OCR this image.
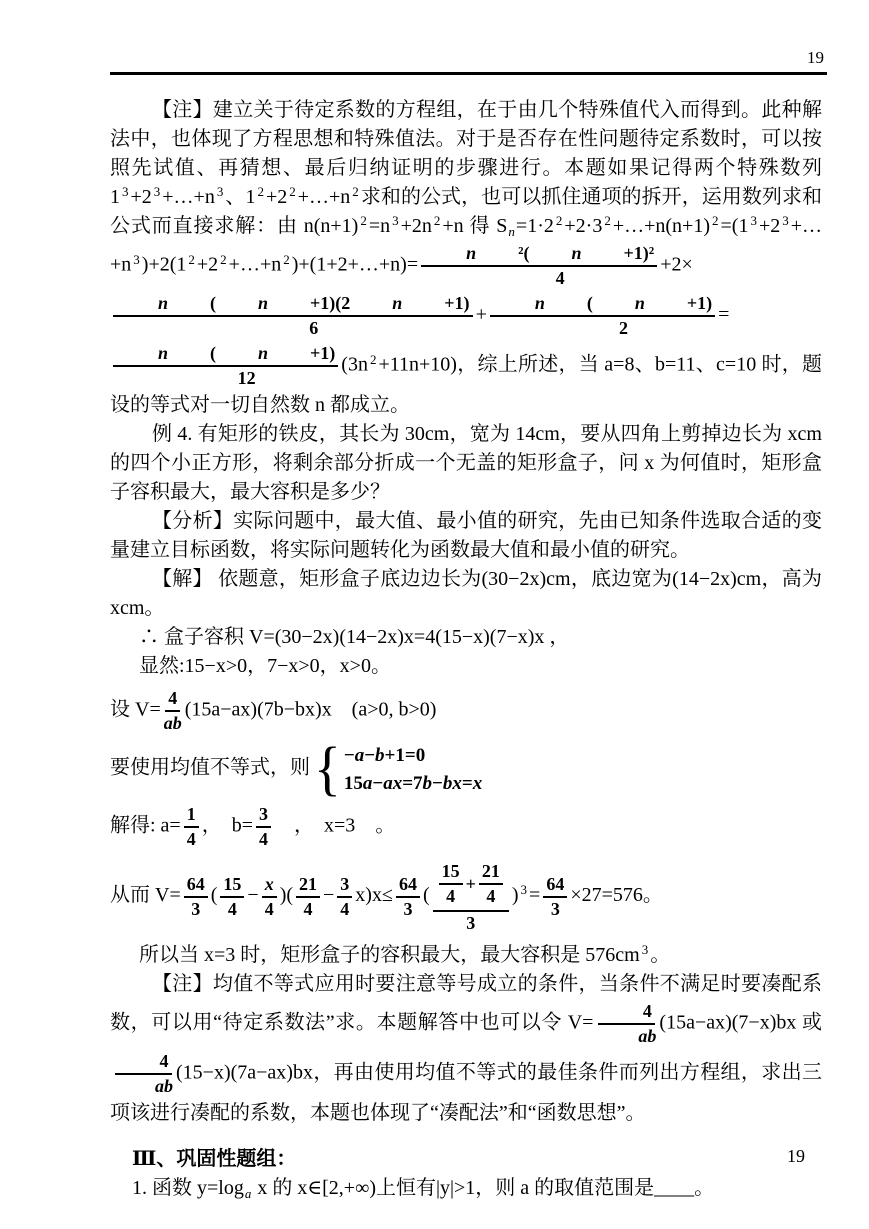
19

【注】建立关于待定系数的方程组，在于由几个特殊值代入而得到。此种解法中，也体现了方程思想和特殊值法。对于是否存在性问题待定系数时，可以按照先试值、再猜想、最后归纳证明的步骤进行。本题如果记得两个特殊数列1 $^3$ +2 $^3$ +…+n $^3$ 、1 $^2$ +2 $^2$ +…+n $^2$ 求和的公式，也可以抓住通项的拆开，运用数列求和公式而直接求解：由 n(n+1) $^2$ =n $^3$ +2n $^2$ +n 得 $S_n=1\cdot 2$ $^2$ +2·3 $^2$ +…+n(n+1) $^2$ =(1 $^3$ +2 $^3$ +…+n $^3$ )+2(1 $^2$ +2 $^2$ +…+n $^2$ )+(1+2+…+n)= n ²(	n +1)²
4 +2×
n (	n +1)(2	n +1)
6 + n (	n +1)
2 =
n (	n +1)
12 (3n $^2$ +11n+10)，综上所述，当 a=8、b=11、c=10 时，题设的等式对一切自然数 n 都成立。

例 4. 有矩形的铁皮，其长为 30cm，宽为 14cm，要从四角上剪掉边长为 xcm 的四个小正方形，将剩余部分折成一个无盖的矩形盒子，问 x 为何值时，矩形盒子容积最大，最大容积是多少？

【分析】实际问题中，最大值、最小值的研究，先由已知条件选取合适的变量建立目标函数，将实际问题转化为函数最大值和最小值的研究。

【解】 依题意，矩形盒子底边边长为(30−2x)cm，底边宽为(14−2x)cm，高为xcm。

∴ 盒子容积 V=(30−2x)(14−2x)x=4(15−x)(7−x)x ，

显然:15−x>0，7−x>0，x>0。

设 $V= \frac{4}{ab} (15a-ax)(7b-bx)x$　(a>0, b>0)

要使用均值不等式，则 { −a−b+1=0
15a−ax=7b−bx=x

解得: $a= \frac{1}{4}$ ，　$b= \frac{3}{4}$ 　，　x=3　。

从而 $V= \frac{64}{3}$ ( $\frac{15}{4} - \frac{x}{4}$ )( $\frac{21}{4} - \frac{3}{4} x)x\le \frac{64}{3}$ ( $\frac{\frac{15}{4} + \frac{21}{4}}{3}$ ) $^3 = \frac{64}{3} \times 27=576$。

所以当 x=3 时，矩形盒子的容积最大，最大容积是 576cm $^3$ 。

【注】均值不等式应用时要注意等号成立的条件，当条件不满足时要凑配系数，可以用“待定系数法”求。本题解答中也可以令 $V= \frac{4}{ab} (15a-ax)(7-x)bx$ 或
$\frac{4}{ab} (15-x)(7a-ax)bx$，再由使用均值不等式的最佳条件而列出方程组，求出三项该进行凑配的系数，本题也体现了“凑配法”和“函数思想”。

Ⅲ、巩固性题组：

1. 函数 $y=\log_a$ x 的 x∈[2,+∞)上恒有|y|>1，则 a 的取值范围是____。

19
